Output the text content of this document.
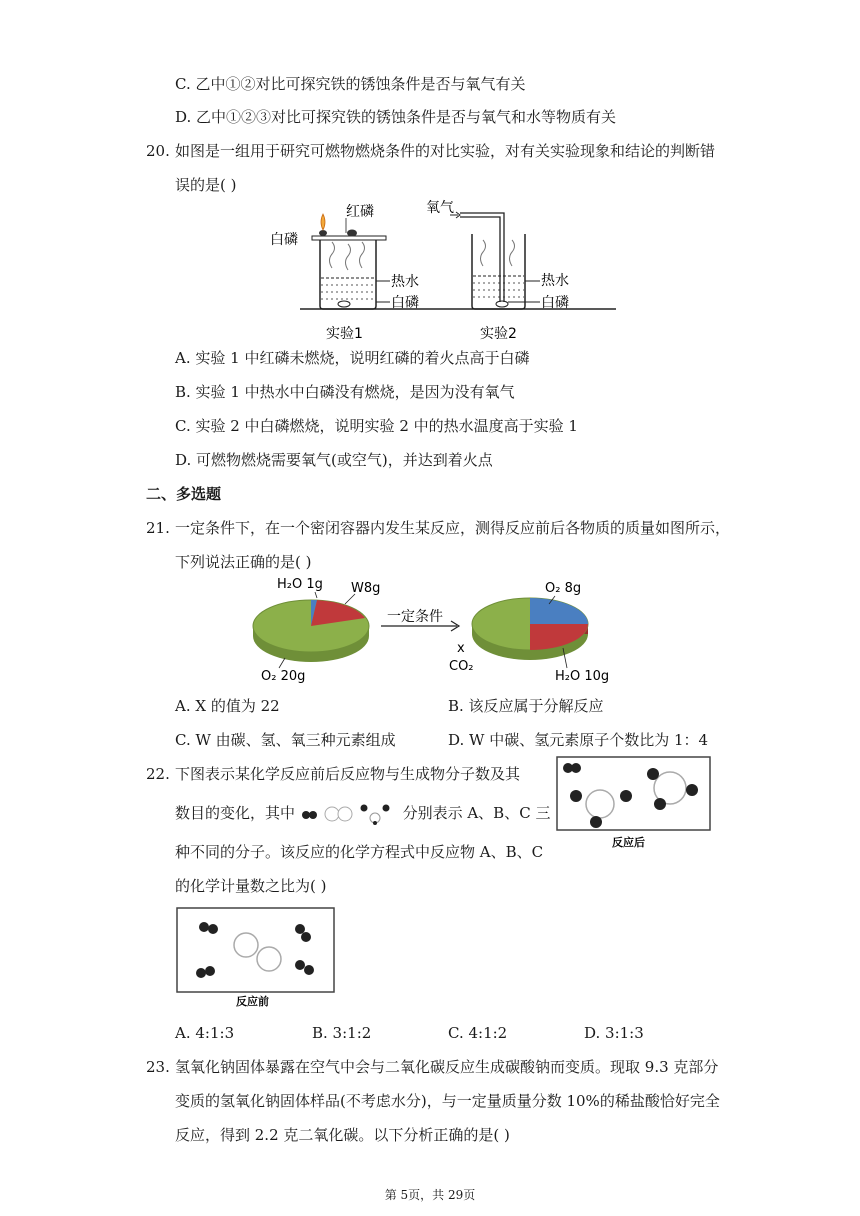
C. 乙中①②对比可探究铁的锈蚀条件是否与氧气有关
D. 乙中①②③对比可探究铁的锈蚀条件是否与氧气和水等物质有关
20. 如图是一组用于研究可燃物燃烧条件的对比实验，对有关实验现象和结论的判断错
误的是( )
白磷
红磷
热水
白磷
实验1
氧气
热水
白磷
实验2
A. 实验 1 中红磷未燃烧，说明红磷的着火点高于白磷
B. 实验 1 中热水中白磷没有燃烧，是因为没有氧气
C. 实验 2 中白磷燃烧，说明实验 2 中的热水温度高于实验 1
D. 可燃物燃烧需要氧气(或空气)，并达到着火点
二、多选题
21. 一定条件下，在一个密闭容器内发生某反应，测得反应前后各物质的质量如图所示，
下列说法正确的是( )
H₂O 1g W8g
O₂ 20g
一定条件
O₂ 8g
x
CO₂
H₂O 10g
A. X 的值为 22	B. 该反应属于分解反应
C. W 由碳、氢、氧三种元素组成	D. W 中碳、氢元素原子个数比为 1：4
22. 下图表示某化学反应前后反应物与生成物分子数及其
数目的变化，其中	分别表示 A、B、C 三
种不同的分子。该反应的化学方程式中反应物 A、B、C
的化学计量数之比为( )
反应后
反应前
A. 4:1:3	B. 3:1:2	C. 4:1:2	D. 3:1:3
23. 氢氧化钠固体暴露在空气中会与二氧化碳反应生成碳酸钠而变质。现取 9.3 克部分
变质的氢氧化钠固体样品(不考虑水分)，与一定量质量分数 10%的稀盐酸恰好完全
反应，得到 2.2 克二氧化碳。以下分析正确的是( )
第 5页，共 29页
